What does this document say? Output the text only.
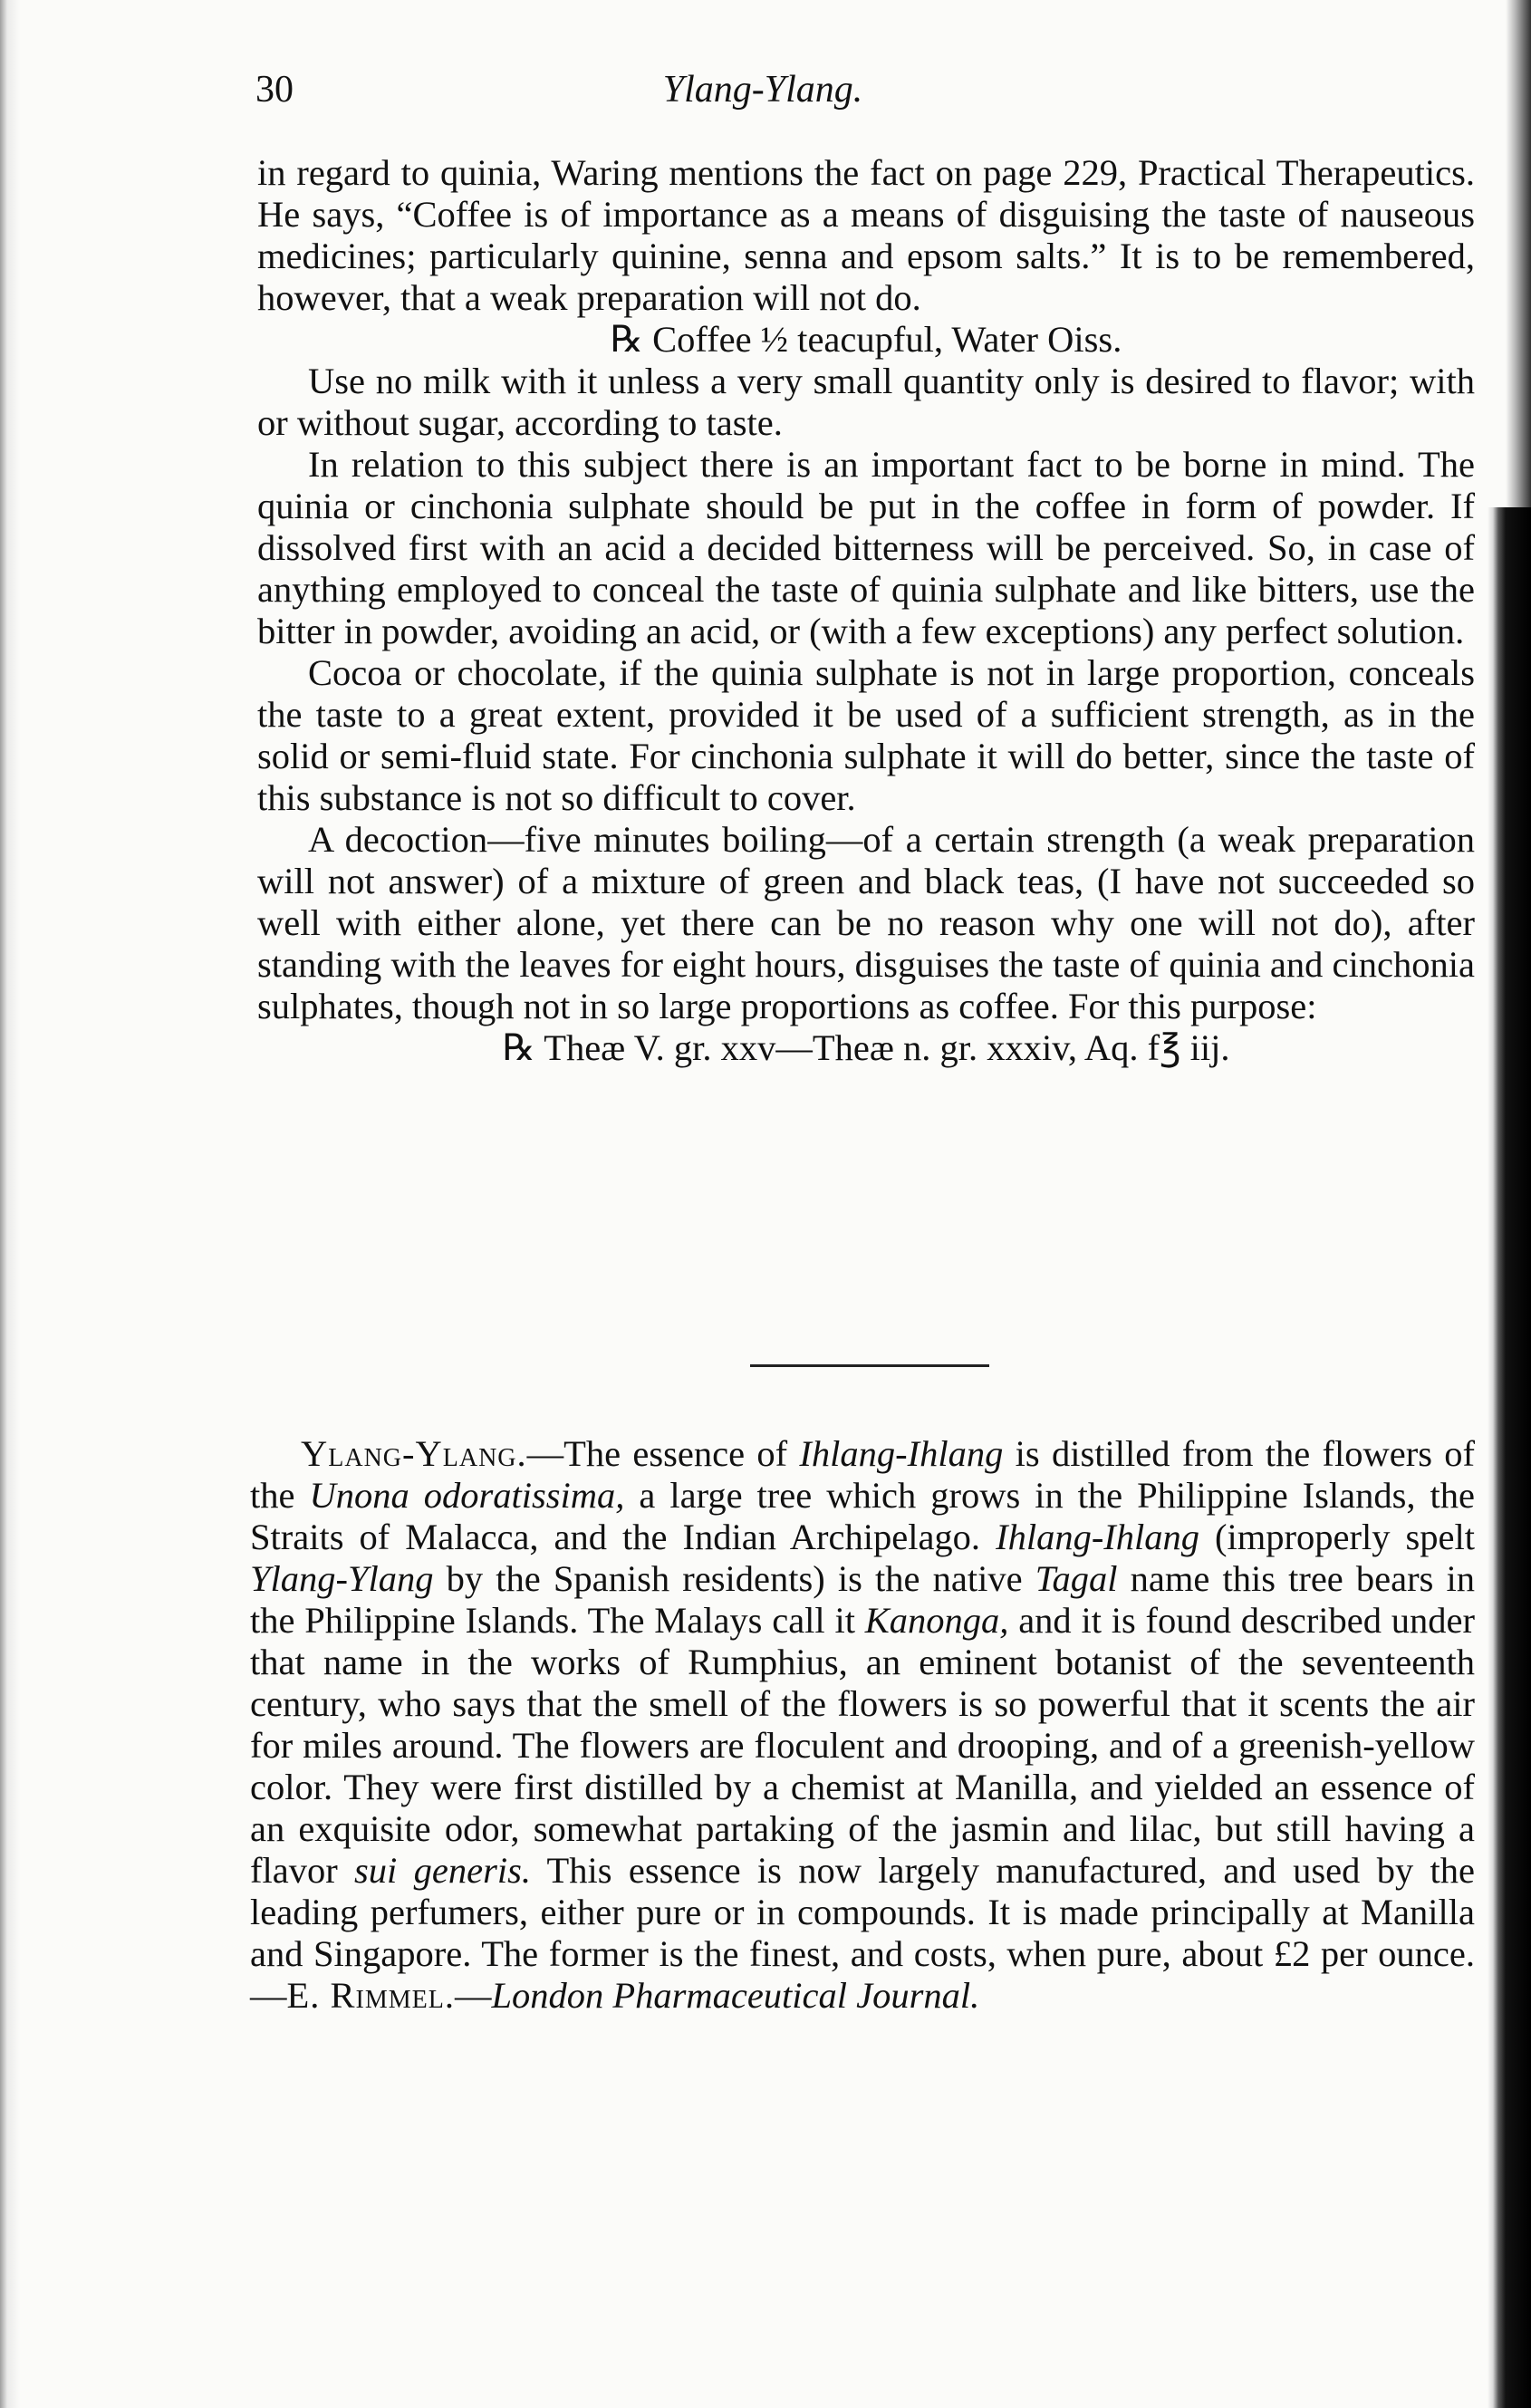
30	Ylang-Ylang.

in regard to quinia, Waring mentions the fact on page 229, Practical Therapeutics. He says, “Coffee is of importance as a means of disguising the taste of nauseous medicines; particularly quinine, senna and epsom salts.” It is to be remembered, however, that a weak preparation will not do.

℞ Coffee ½ teacupful, Water Oiss.

Use no milk with it unless a very small quantity only is desired to flavor; with or without sugar, according to taste.

In relation to this subject there is an important fact to be borne in mind. The quinia or cinchonia sulphate should be put in the coffee in form of powder. If dissolved first with an acid a decided bitterness will be perceived. So, in case of anything employed to conceal the taste of quinia sulphate and like bitters, use the bitter in powder, avoiding an acid, or (with a few exceptions) any perfect solution.

Cocoa or chocolate, if the quinia sulphate is not in large proportion, conceals the taste to a great extent, provided it be used of a sufficient strength, as in the solid or semi-fluid state. For cinchonia sulphate it will do better, since the taste of this substance is not so difficult to cover.

A decoction—five minutes boiling—of a certain strength (a weak preparation will not answer) of a mixture of green and black teas, (I have not succeeded so well with either alone, yet there can be no reason why one will not do), after standing with the leaves for eight hours, disguises the taste of quinia and cinchonia sulphates, though not in so large proportions as coffee. For this purpose:

℞ Theæ V. gr. xxv—Theæ n. gr. xxxiv, Aq. f℥ iij.

Ylang-Ylang.—The essence of Ihlang-Ihlang is distilled from the flowers of the Unona odoratissima, a large tree which grows in the Philippine Islands, the Straits of Malacca, and the Indian Archipelago. Ihlang-Ihlang (improperly spelt Ylang-Ylang by the Spanish residents) is the native Tagal name this tree bears in the Philippine Islands. The Malays call it Kanonga, and it is found described under that name in the works of Rumphius, an eminent botanist of the seventeenth century, who says that the smell of the flowers is so powerful that it scents the air for miles around. The flowers are floculent and drooping, and of a greenish-yellow color. They were first distilled by a chemist at Manilla, and yielded an essence of an exquisite odor, somewhat partaking of the jasmin and lilac, but still having a flavor sui generis. This essence is now largely manufactured, and used by the leading perfumers, either pure or in compounds. It is made principally at Manilla and Singapore. The former is the finest, and costs, when pure, about £2 per ounce.—E. Rimmel.—London Pharmaceutical Journal.
